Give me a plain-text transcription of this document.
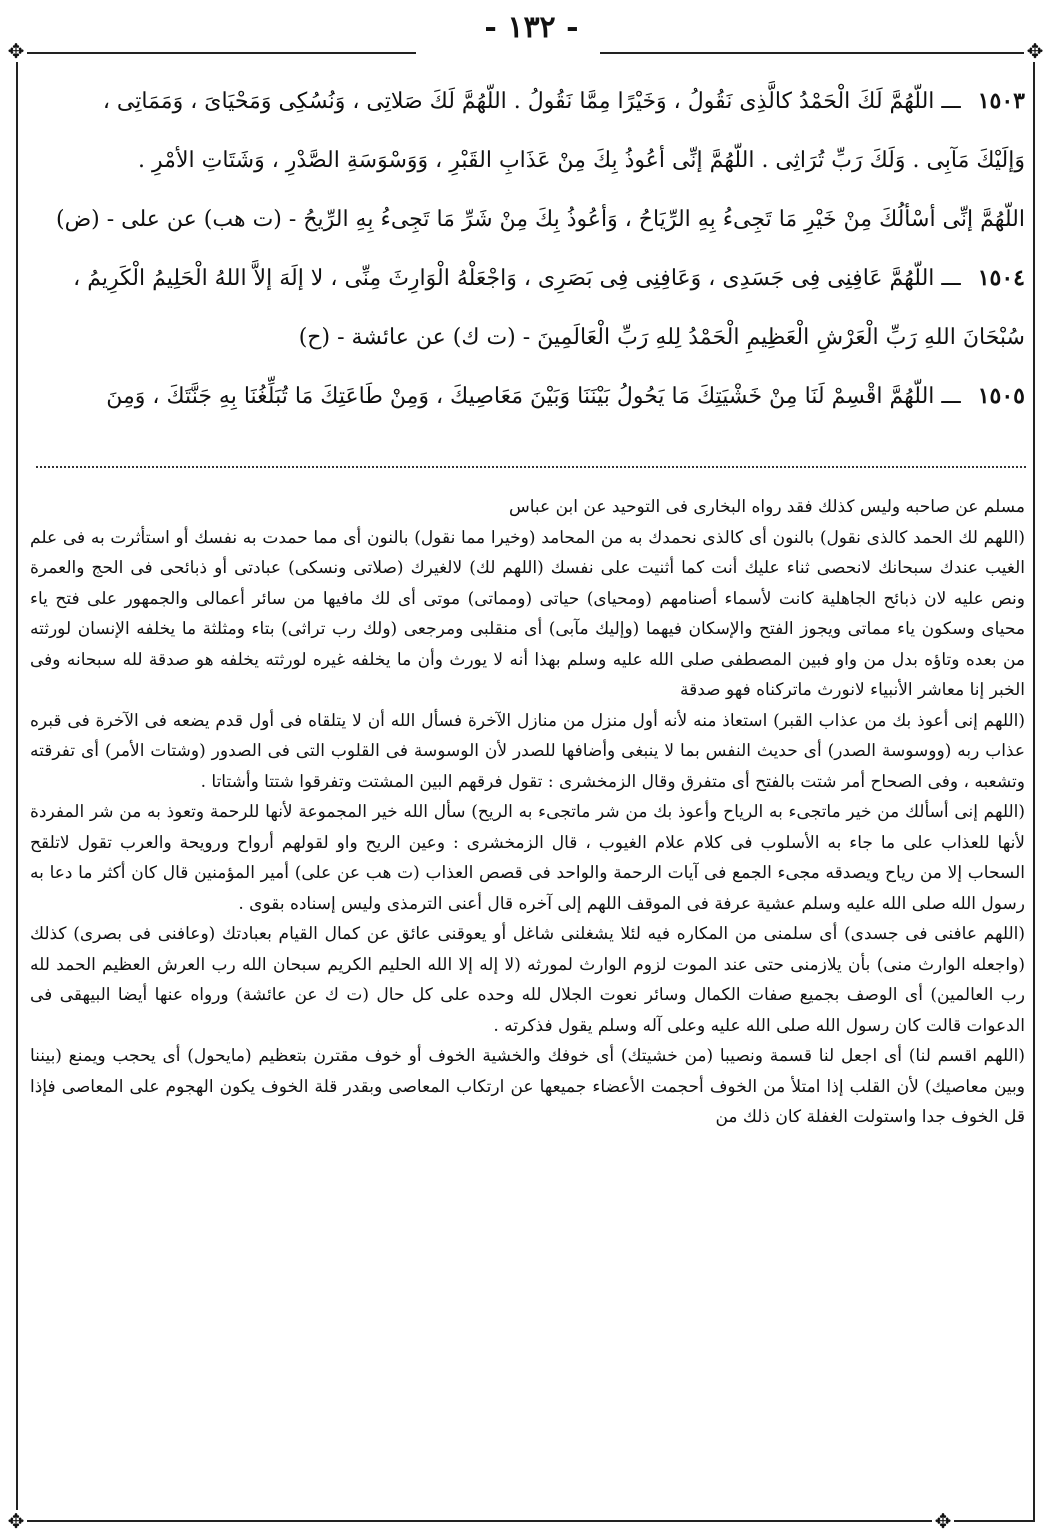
- ١٣٢ -
✥	✥
✥	✥

١٥٠٣ ـــ اللّهُمَّ لَكَ الْحَمْدُ كالَّذِى نَقُولُ ، وَخَيْرًا مِمَّا نَقُولُ . اللّهُمَّ لَكَ صَلاتِى ، وَنُسُكِى وَمَحْيَاىَ ، وَمَمَاتِى ،

وَإلَيْكَ مَآبِى . وَلَكَ رَبِّ تُرَاثِى . اللّهُمَّ إنِّى أعُوذُ بِكَ مِنْ عَذَابِ القَبْرِ ، وَوَسْوَسَةِ الصَّدْرِ ، وَشَتَاتِ الأمْرِ .

اللّهُمَّ إنِّى أسْألُكَ مِنْ خَيْرِ مَا تَجِىءُ بِهِ الرِّيَاحُ ، وَأعُوذُ بِكَ مِنْ شَرِّ مَا تَجِىءُ بِهِ الرِّيحُ - (ت هب) عن على - (ض)

١٥٠٤ ـــ اللّهُمَّ عَافِنِى فِى جَسَدِى ، وَعَافِنِى فِى بَصَرِى ، وَاجْعَلْهُ الْوَارِثَ مِنِّى ، لا إلَهَ إلاَّ اللهُ الْحَلِيمُ الْكَرِيمُ ،

سُبْحَانَ اللهِ رَبِّ الْعَرْشِ الْعَظِيمِ الْحَمْدُ لِلهِ رَبِّ الْعَالَمِينَ - (ت ك) عن عائشة - (ح)

١٥٠٥ ـــ اللّهُمَّ اقْسِمْ لَنَا مِنْ خَشْيَتِكَ مَا يَحُولُ بَيْنَنَا وَبَيْنَ مَعَاصِيكَ ، وَمِنْ طَاعَتِكَ مَا تُبَلِّغُنَا بِهِ جَنَّتَكَ ، وَمِنَ

مسلم عن صاحبه وليس كذلك فقد رواه البخارى فى التوحيد عن ابن عباس

(اللهم لك الحمد كالذى نقول) بالنون أى كالذى نحمدك به من المحامد (وخيرا مما نقول) بالنون أى مما حمدت به نفسك أو استأثرت به فى علم الغيب عندك سبحانك لانحصى ثناء عليك أنت كما أثنيت على نفسك (اللهم لك) لالغيرك (صلاتى ونسكى) عبادتى أو ذبائحى فى الحج والعمرة ونص عليه لان ذبائح الجاهلية كانت لأسماء أصنامهم (ومحياى) حياتى (ومماتى) موتى أى لك مافيها من سائر أعمالى والجمهور على فتح ياء محياى وسكون ياء مماتى ويجوز الفتح والإسكان فيهما (وإليك مآبى) أى منقلبى ومرجعى (ولك رب تراثى) بتاء ومثلثة ما يخلفه الإنسان لورثته من بعده وتاؤه بدل من واو فبين المصطفى صلى الله عليه وسلم بهذا أنه لا يورث وأن ما يخلفه غيره لورثته يخلفه هو صدقة لله سبحانه وفى الخبر إنا معاشر الأنبياء لانورث ماتركناه فهو صدقة

(اللهم إنى أعوذ بك من عذاب القبر) استعاذ منه لأنه أول منزل من منازل الآخرة فسأل الله أن لا يتلقاه فى أول قدم يضعه فى الآخرة فى قبره عذاب ربه (ووسوسة الصدر) أى حديث النفس بما لا ينبغى وأضافها للصدر لأن الوسوسة فى القلوب التى فى الصدور (وشتات الأمر) أى تفرقته وتشعبه ، وفى الصحاح أمر شتت بالفتح أى متفرق وقال الزمخشرى : تقول فرقهم البين المشتت وتفرقوا شتتا وأشتاتا .

(اللهم إنى أسألك من خير ماتجىء به الرياح وأعوذ بك من شر ماتجىء به الريح) سأل الله خير المجموعة لأنها للرحمة وتعوذ به من شر المفردة لأنها للعذاب على ما جاء به الأسلوب فى كلام علام الغيوب ، قال الزمخشرى : وعين الريح واو لقولهم أرواح ورويحة والعرب تقول لاتلقح السحاب إلا من رياح ويصدقه مجىء الجمع فى آيات الرحمة والواحد فى قصص العذاب (ت هب عن على) أمير المؤمنين قال كان أكثر ما دعا به رسول الله صلى الله عليه وسلم عشية عرفة فى الموقف اللهم إلى آخره قال أعنى الترمذى وليس إسناده بقوى .

(اللهم عافنى فى جسدى) أى سلمنى من المكاره فيه لئلا يشغلنى شاغل أو يعوقنى عائق عن كمال القيام بعبادتك (وعافنى فى بصرى) كذلك (واجعله الوارث منى) بأن يلازمنى حتى عند الموت لزوم الوارث لمورثه (لا إله إلا الله الحليم الكريم سبحان الله رب العرش العظيم الحمد لله رب العالمين) أى الوصف بجميع صفات الكمال وسائر نعوت الجلال لله وحده على كل حال (ت ك عن عائشة) ورواه عنها أيضا البيهقى فى الدعوات قالت كان رسول الله صلى الله عليه وعلى آله وسلم يقول فذكرته .

(اللهم اقسم لنا) أى اجعل لنا قسمة ونصيبا (من خشيتك) أى خوفك والخشية الخوف أو خوف مقترن بتعظيم (مايحول) أى يحجب ويمنع (بيننا وبين معاصيك) لأن القلب إذا امتلأ من الخوف أحجمت الأعضاء جميعها عن ارتكاب المعاصى وبقدر قلة الخوف يكون الهجوم على المعاصى فإذا قل الخوف جدا واستولت الغفلة كان ذلك من
